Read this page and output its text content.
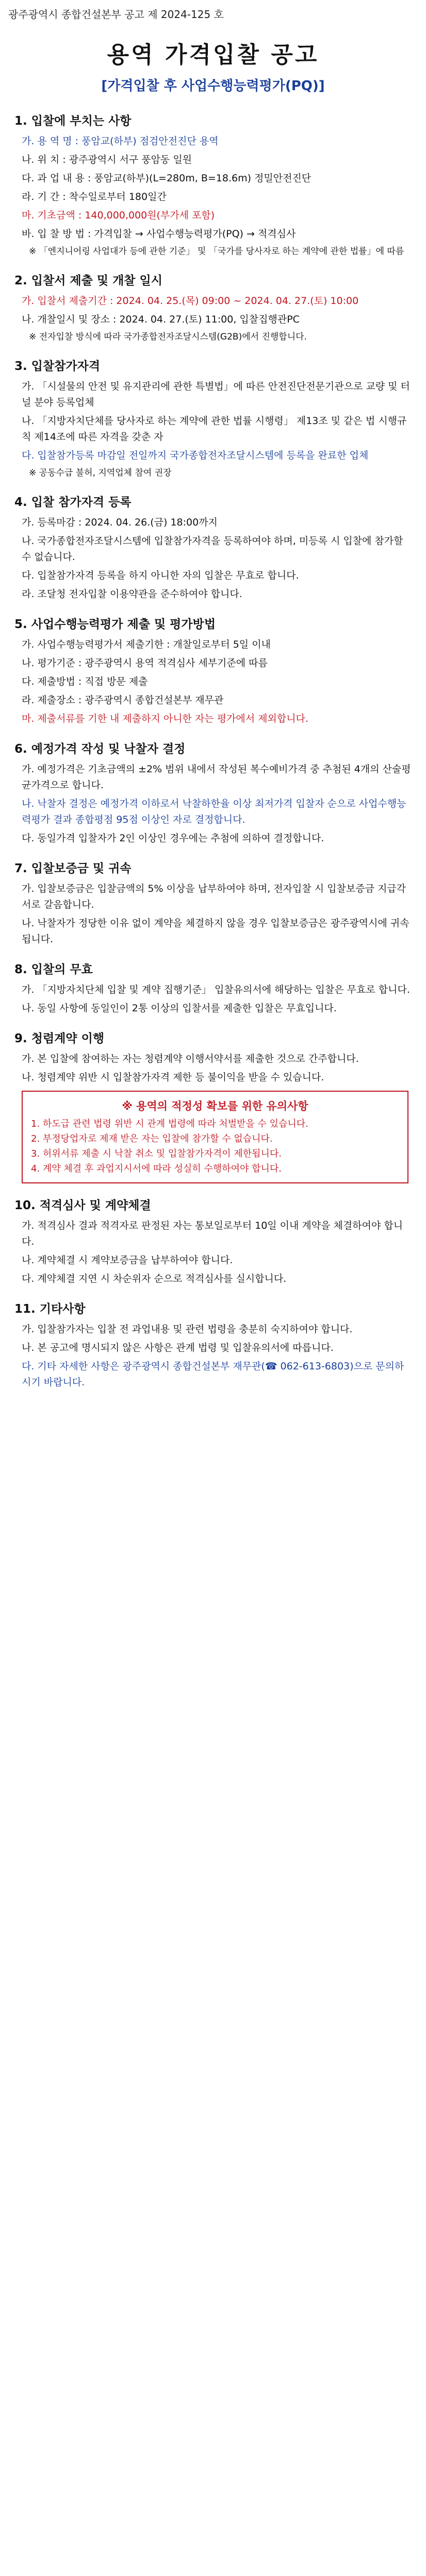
광주광역시 종합건설본부 공고 제 2024-125 호
용역 가격입찰 공고
[가격입찰 후 사업수행능력평가(PQ)]
1. 입찰에 부치는 사항
가. 용 역 명 : 풍암교(하부) 점검안전진단 용역
나. 위 치 : 광주광역시 서구 풍암동 일원
다. 과 업 내 용 : 풍암교(하부)(L=280m, B=18.6m) 정밀안전진단
라. 기 간 : 착수일로부터 180일간
마. 기초금액 : 140,000,000원(부가세 포함)
바. 입 찰 방 법 : 가격입찰 → 사업수행능력평가(PQ) → 적격심사
※ 「엔지니어링 사업대가 등에 관한 기준」 및 「국가를 당사자로 하는 계약에 관한 법률」에 따름
2. 입찰서 제출 및 개찰 일시
가. 입찰서 제출기간 : 2024. 04. 25.(목) 09:00 ~ 2024. 04. 27.(토) 10:00
나. 개찰일시 및 장소 : 2024. 04. 27.(토) 11:00, 입찰집행관PC
※ 전자입찰 방식에 따라 국가종합전자조달시스템(G2B)에서 진행합니다.
3. 입찰참가자격
가. 「시설물의 안전 및 유지관리에 관한 특별법」에 따른 안전진단전문기관으로 교량 및 터널 분야 등록업체
나. 「지방자치단체를 당사자로 하는 계약에 관한 법률 시행령」 제13조 및 같은 법 시행규칙 제14조에 따른 자격을 갖춘 자
다. 입찰참가등록 마감일 전일까지 국가종합전자조달시스템에 등록을 완료한 업체
※ 공동수급 불허, 지역업체 참여 권장
4. 입찰 참가자격 등록
가. 등록마감 : 2024. 04. 26.(금) 18:00까지
나. 국가종합전자조달시스템에 입찰참가자격을 등록하여야 하며, 미등록 시 입찰에 참가할 수 없습니다.
다. 입찰참가자격 등록을 하지 아니한 자의 입찰은 무효로 합니다.
라. 조달청 전자입찰 이용약관을 준수하여야 합니다.
5. 사업수행능력평가 제출 및 평가방법
가. 사업수행능력평가서 제출기한 : 개찰일로부터 5일 이내
나. 평가기준 : 광주광역시 용역 적격심사 세부기준에 따름
다. 제출방법 : 직접 방문 제출
라. 제출장소 : 광주광역시 종합건설본부 재무관
마. 제출서류를 기한 내 제출하지 아니한 자는 평가에서 제외합니다.
6. 예정가격 작성 및 낙찰자 결정
가. 예정가격은 기초금액의 ±2% 범위 내에서 작성된 복수예비가격 중 추첨된 4개의 산술평균가격으로 합니다.
나. 낙찰자 결정은 예정가격 이하로서 낙찰하한율 이상 최저가격 입찰자 순으로 사업수행능력평가 결과 종합평점 95점 이상인 자로 결정합니다.
다. 동일가격 입찰자가 2인 이상인 경우에는 추첨에 의하여 결정합니다.
7. 입찰보증금 및 귀속
가. 입찰보증금은 입찰금액의 5% 이상을 납부하여야 하며, 전자입찰 시 입찰보증금 지급각서로 갈음합니다.
나. 낙찰자가 정당한 이유 없이 계약을 체결하지 않을 경우 입찰보증금은 광주광역시에 귀속됩니다.
8. 입찰의 무효
가. 「지방자치단체 입찰 및 계약 집행기준」 입찰유의서에 해당하는 입찰은 무효로 합니다.
나. 동일 사항에 동일인이 2통 이상의 입찰서를 제출한 입찰은 무효입니다.
9. 청렴계약 이행
가. 본 입찰에 참여하는 자는 청렴계약 이행서약서를 제출한 것으로 간주합니다.
나. 청렴계약 위반 시 입찰참가자격 제한 등 불이익을 받을 수 있습니다.
※ 용역의 적정성 확보를 위한 유의사항
1. 하도급 관련 법령 위반 시 관계 법령에 따라 처벌받을 수 있습니다.
2. 부정당업자로 제재 받은 자는 입찰에 참가할 수 없습니다.
3. 허위서류 제출 시 낙찰 취소 및 입찰참가자격이 제한됩니다.
4. 계약 체결 후 과업지시서에 따라 성실히 수행하여야 합니다.
10. 적격심사 및 계약체결
가. 적격심사 결과 적격자로 판정된 자는 통보일로부터 10일 이내 계약을 체결하여야 합니다.
나. 계약체결 시 계약보증금을 납부하여야 합니다.
다. 계약체결 지연 시 차순위자 순으로 적격심사를 실시합니다.
11. 기타사항
가. 입찰참가자는 입찰 전 과업내용 및 관련 법령을 충분히 숙지하여야 합니다.
나. 본 공고에 명시되지 않은 사항은 관계 법령 및 입찰유의서에 따릅니다.
다. 기타 자세한 사항은 광주광역시 종합건설본부 재무관(☎ 062-613-6803)으로 문의하시기 바랍니다.
